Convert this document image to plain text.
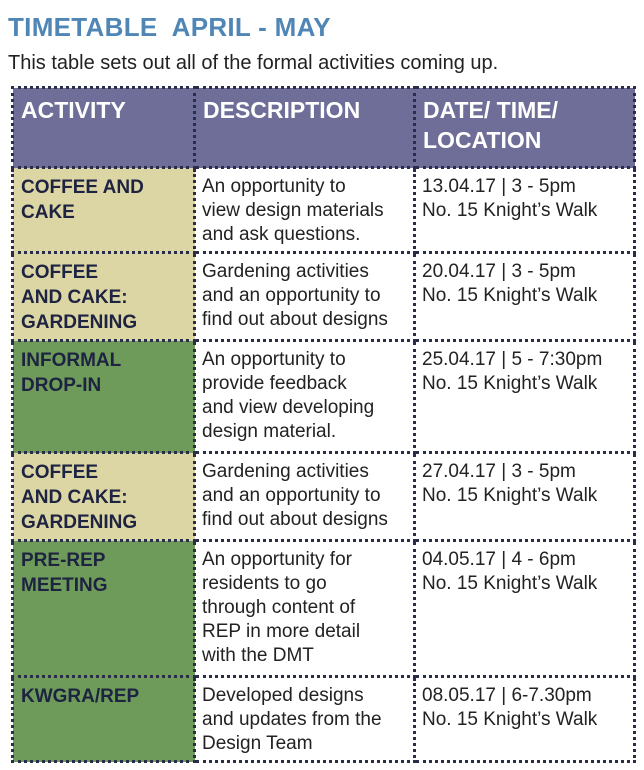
TIMETABLE  APRIL - MAY

This table sets out all of the formal activities coming up.

ACTIVITY	DESCRIPTION	DATE/ TIME/
LOCATION

COFFEE AND
CAKE	An opportunity to
view design materials
and ask questions.	13.04.17 | 3 - 5pm
No. 15 Knight’s Walk

COFFEE
AND CAKE:
GARDENING	Gardening activities
and an opportunity to
find out about designs	20.04.17 | 3 - 5pm
No. 15 Knight’s Walk

INFORMAL
DROP-IN	An opportunity to
provide feedback
and view developing
design material.	25.04.17 | 5 - 7:30pm
No. 15 Knight’s Walk

COFFEE
AND CAKE:
GARDENING	Gardening activities
and an opportunity to
find out about designs	27.04.17 | 3 - 5pm
No. 15 Knight’s Walk

PRE-REP
MEETING	An opportunity for
residents to go
through content of
REP in more detail
with the DMT	04.05.17 | 4 - 6pm
No. 15 Knight’s Walk

KWGRA/REP	Developed designs
and updates from the
Design Team	08.05.17 | 6-7.30pm
No. 15 Knight’s Walk
